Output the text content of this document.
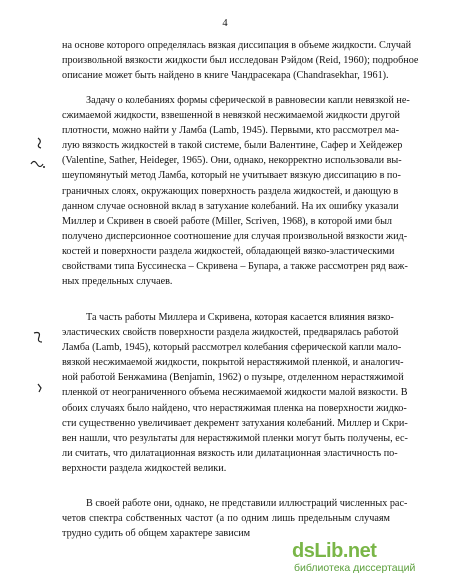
4
на основе которого определялась вязкая диссипация в объеме жидкости. Случай
произвольной вязкости жидкости был исследован Рэйдом (Reid, 1960); подробное
описание может быть найдено в книге Чандрасекара (Chandrasekhar, 1961).
Задачу о колебаниях формы сферической в равновесии капли невязкой не-
сжимаемой жидкости, взвешенной в невязкой несжимаемой жидкости другой
плотности, можно найти у Ламба (Lamb, 1945). Первыми, кто рассмотрел ма-
лую вязкость жидкостей в такой системе, были Валентине, Сафер и Хейдежер
(Valentine, Sather, Heideger, 1965). Они, однако, некорректно использовали вы-
шеупомянутый метод Ламба, который не учитывает вязкую диссипацию в по-
граничных слоях, окружающих поверхность раздела жидкостей, и дающую в
данном случае основной вклад в затухание колебаний. На их ошибку указали
Миллер и Скривен в своей работе (Miller, Scriven, 1968), в которой ими был
получено дисперсионное соотношение для случая произвольной вязкости жид-
костей и поверхности раздела жидкостей, обладающей вязко-эластическими
свойствами типа Буссинеска – Скривена – Бупара, а также рассмотрен ряд важ-
ных предельных случаев.
Та часть работы Миллера и Скривена, которая касается влияния вязко-
эластических свойств поверхности раздела жидкостей, предварялась работой
Ламба (Lamb, 1945), который рассмотрел колебания сферической капли мало-
вязкой несжимаемой жидкости, покрытой нерастяжимой пленкой, и аналогич-
ной работой Бенжамина (Benjamin, 1962) о пузыре, отделенном нерастяжимой
пленкой от неограниченного объема несжимаемой жидкости малой вязкости. В
обоих случаях было найдено, что нерастяжимая пленка на поверхности жидко-
сти существенно увеличивает декремент затухания колебаний. Миллер и Скри-
вен нашли, что результаты для нерастяжимой пленки могут быть получены, ес-
ли считать, что дилатационная вязкость или дилатационная эластичность по-
верхности раздела жидкостей велики.
В своей работе они, однако, не представили иллюстраций численных рас-
четов спектра собственных частот (а по одним лишь предельным случаям
трудно судить об общем характере зависим
dsLib.net
библиотека диссертаций
